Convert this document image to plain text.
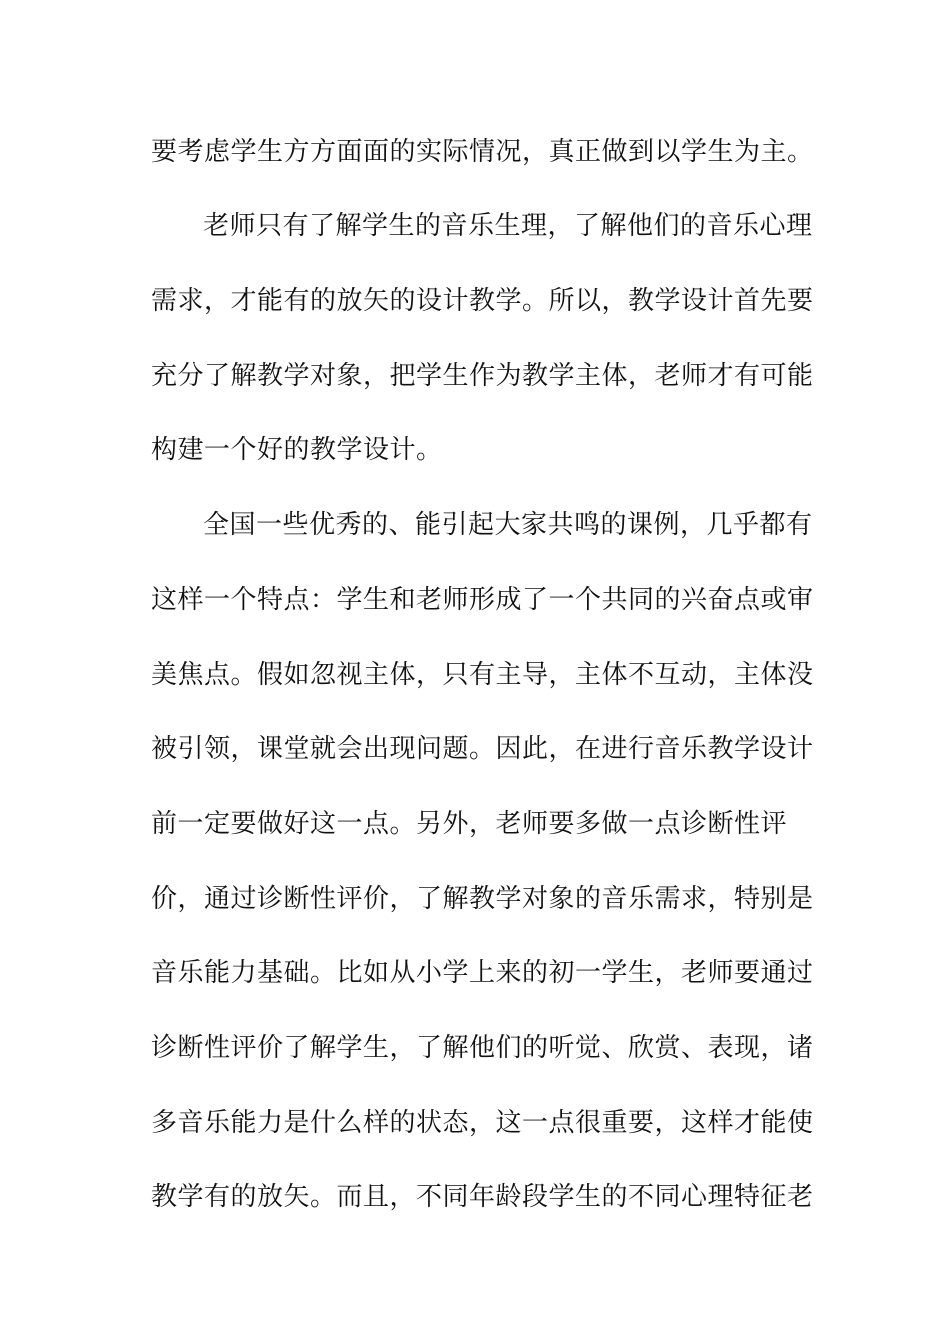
要考虑学生方方面面的实际情况，真正做到以学生为主。
老师只有了解学生的音乐生理，了解他们的音乐心理
需求，才能有的放矢的设计教学。所以，教学设计首先要
充分了解教学对象，把学生作为教学主体，老师才有可能
构建一个好的教学设计。
全国一些优秀的、能引起大家共鸣的课例，几乎都有
这样一个特点：学生和老师形成了一个共同的兴奋点或审
美焦点。假如忽视主体，只有主导，主体不互动，主体没
被引领，课堂就会出现问题。因此，在进行音乐教学设计
前一定要做好这一点。另外，老师要多做一点诊断性评
价，通过诊断性评价，了解教学对象的音乐需求，特别是
音乐能力基础。比如从小学上来的初一学生，老师要通过
诊断性评价了解学生，了解他们的听觉、欣赏、表现，诸
多音乐能力是什么样的状态，这一点很重要，这样才能使
教学有的放矢。而且，不同年龄段学生的不同心理特征老
